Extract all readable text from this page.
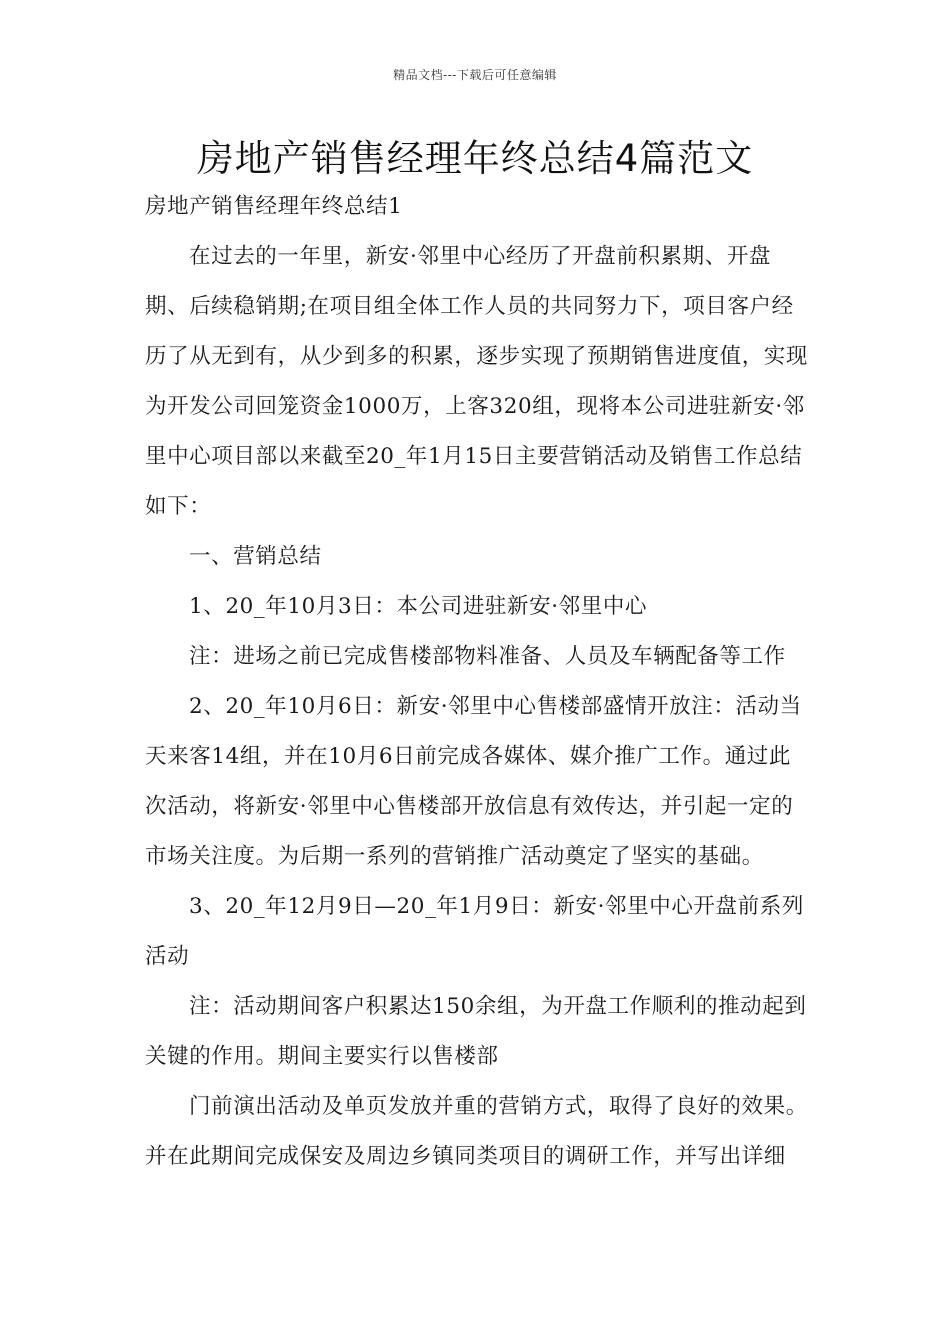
精品文档---下载后可任意编辑
房地产销售经理年终总结4篇范文

房地产销售经理年终总结1

在过去的一年里，新安·邻里中心经历了开盘前积累期、开盘期、后续稳销期;在项目组全体工作人员的共同努力下，项目客户经历了从无到有，从少到多的积累，逐步实现了预期销售进度值，实现为开发公司回笼资金1000万，上客320组，现将本公司进驻新安·邻里中心项目部以来截至20_年1月15日主要营销活动及销售工作总结如下：

一、营销总结

1、20_年10月3日：本公司进驻新安·邻里中心

注：进场之前已完成售楼部物料准备、人员及车辆配备等工作

2、20_年10月6日：新安·邻里中心售楼部盛情开放注：活动当天来客14组，并在10月6日前完成各媒体、媒介推广工作。通过此次活动，将新安·邻里中心售楼部开放信息有效传达，并引起一定的市场关注度。为后期一系列的营销推广活动奠定了坚实的基础。

3、20_年12月9日—20_年1月9日：新安·邻里中心开盘前系列活动

注：活动期间客户积累达150余组，为开盘工作顺利的推动起到关键的作用。期间主要实行以售楼部

门前演出活动及单页发放并重的营销方式，取得了良好的效果。并在此期间完成保安及周边乡镇同类项目的调研工作，并写出详细
